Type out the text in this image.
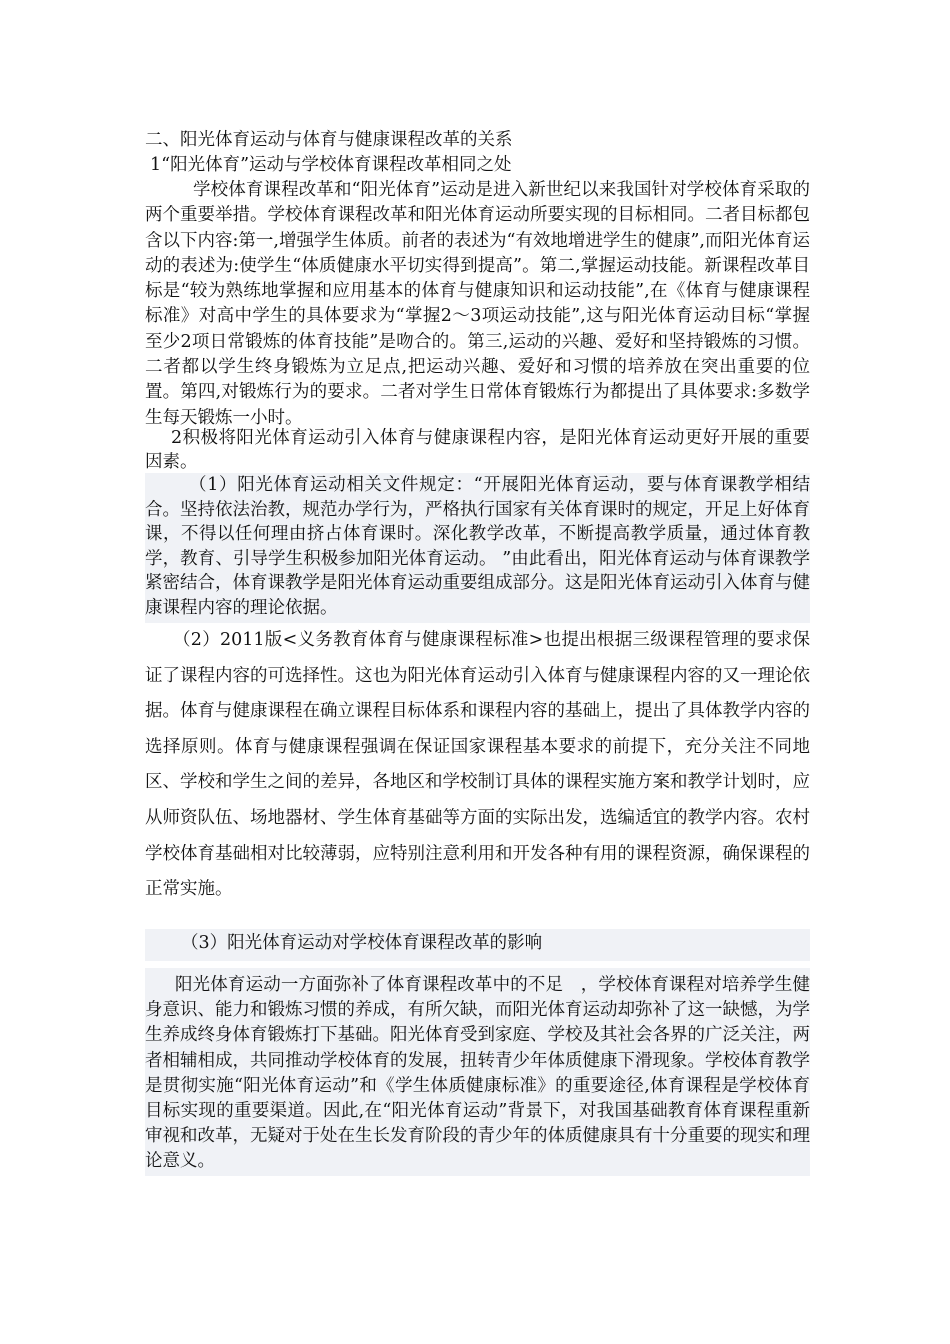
二、阳光体育运动与体育与健康课程改革的关系

1“阳光体育”运动与学校体育课程改革相同之处

学校体育课程改革和“阳光体育”运动是进入新世纪以来我国针对学校体育采取的两个重要举措。学校体育课程改革和阳光体育运动所要实现的目标相同。二者目标都包含以下内容:第一,增强学生体质。前者的表述为“有效地增进学生的健康”,而阳光体育运动的表述为:使学生“体质健康水平切实得到提高”。第二,掌握运动技能。新课程改革目标是“较为熟练地掌握和应用基本的体育与健康知识和运动技能”,在《体育与健康课程标准》对高中学生的具体要求为“掌握2～3项运动技能”,这与阳光体育运动目标“掌握至少2项日常锻炼的体育技能”是吻合的。第三,运动的兴趣、爱好和坚持锻炼的习惯。二者都以学生终身锻炼为立足点,把运动兴趣、爱好和习惯的培养放在突出重要的位置。第四,对锻炼行为的要求。二者对学生日常体育锻炼行为都提出了具体要求:多数学生每天锻炼一小时。

2积极将阳光体育运动引入体育与健康课程内容，是阳光体育运动更好开展的重要因素。

（1）阳光体育运动相关文件规定：“开展阳光体育运动，要与体育课教学相结合。坚持依法治教，规范办学行为，严格执行国家有关体育课时的规定，开足上好体育课，不得以任何理由挤占体育课时。深化教学改革，不断提高教学质量，通过体育教学，教育、引导学生积极参加阳光体育运动。 ”由此看出，阳光体育运动与体育课教学紧密结合，体育课教学是阳光体育运动重要组成部分。这是阳光体育运动引入体育与健康课程内容的理论依据。

（2）2011版<义务教育体育与健康课程标准>也提出根据三级课程管理的要求保证了课程内容的可选择性。这也为阳光体育运动引入体育与健康课程内容的又一理论依据。体育与健康课程在确立课程目标体系和课程内容的基础上，提出了具体教学内容的选择原则。体育与健康课程强调在保证国家课程基本要求的前提下，充分关注不同地区、学校和学生之间的差异，各地区和学校制订具体的课程实施方案和教学计划时，应从师资队伍、场地器材、学生体育基础等方面的实际出发，选编适宜的教学内容。农村学校体育基础相对比较薄弱，应特别注意利用和开发各种有用的课程资源，确保课程的正常实施。

（3）阳光体育运动对学校体育课程改革的影响

阳光体育运动一方面弥补了体育课程改革中的不足　，学校体育课程对培养学生健身意识、能力和锻炼习惯的养成，有所欠缺，而阳光体育运动却弥补了这一缺憾，为学生养成终身体育锻炼打下基础。阳光体育受到家庭、学校及其社会各界的广泛关注，两者相辅相成，共同推动学校体育的发展，扭转青少年体质健康下滑现象。学校体育教学是贯彻实施“阳光体育运动”和《学生体质健康标准》的重要途径,体育课程是学校体育目标实现的重要渠道。因此,在“阳光体育运动”背景下，对我国基础教育体育课程重新审视和改革，无疑对于处在生长发育阶段的青少年的体质健康具有十分重要的现实和理论意义。
